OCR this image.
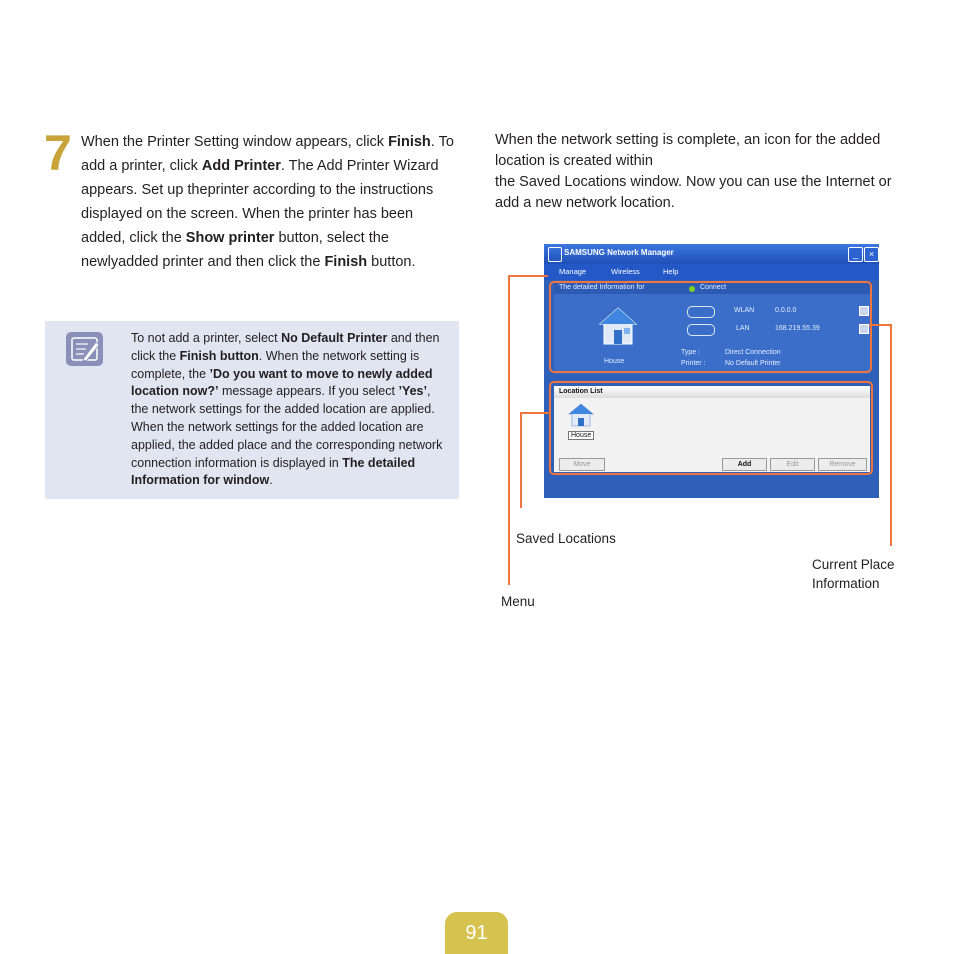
7 When the Printer Setting window appears, click Finish. To add a printer, click Add Printer. The Add Printer Wizard appears. Set up theprinter according to the instructions displayed on the screen. When the printer has been added, click the Show printer button, select the newlyadded printer and then click the Finish button.
To not add a printer, select No Default Printer and then click the Finish button. When the network setting is complete, the ’Do you want to move to newly added location now?’ message appears. If you select ’Yes’, the network settings for the added location are applied. When the network settings for the added location are applied, the added place and the corresponding network connection information is displayed in The detailed Information for window.
When the network setting is complete, an icon for the added location is created within
the Saved Locations window. Now you can use the Internet or add a new network location.
SAMSUNG Network Manager	_	×
Manage	Wireless	Help
The detailed Information for	Connect
House
WLAN	0.0.0.0
LAN	168.219.55.39
Type :	Direct Connection
Printer :	No Default Printer
Location List
House
Move	Add	Edit	Remove
Saved Locations
Current Place
Information
Menu
91
